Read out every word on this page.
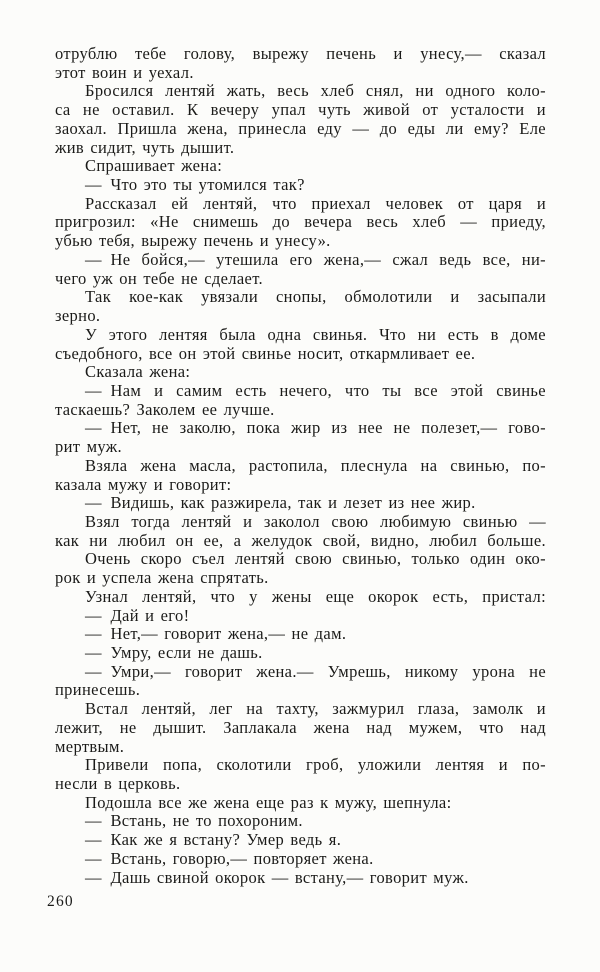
отрублю тебе голову, вырежу печень и унесу,— сказал
этот воин и уехал.
Бросился лентяй жать, весь хлеб снял, ни одного коло-
са не оставил. К вечеру упал чуть живой от усталости и
заохал. Пришла жена, принесла еду — до еды ли ему? Еле
жив сидит, чуть дышит.
Спрашивает жена:
— Что это ты утомился так?
Рассказал ей лентяй, что приехал человек от царя и
пригрозил: «Не снимешь до вечера весь хлеб — приеду,
убью тебя, вырежу печень и унесу».
— Не бойся,— утешила его жена,— сжал ведь все, ни-
чего уж он тебе не сделает.
Так кое-как увязали снопы, обмолотили и засыпали
зерно.
У этого лентяя была одна свинья. Что ни есть в доме
съедобного, все он этой свинье носит, откармливает ее.
Сказала жена:
— Нам и самим есть нечего, что ты все этой свинье
таскаешь? Заколем ее лучше.
— Нет, не заколю, пока жир из нее не полезет,— гово-
рит муж.
Взяла жена масла, растопила, плеснула на свинью, по-
казала мужу и говорит:
— Видишь, как разжирела, так и лезет из нее жир.
Взял тогда лентяй и заколол свою любимую свинью —
как ни любил он ее, а желудок свой, видно, любил больше.
Очень скоро съел лентяй свою свинью, только один око-
рок и успела жена спрятать.
Узнал лентяй, что у жены еще окорок есть, пристал:
— Дай и его!
— Нет,— говорит жена,— не дам.
— Умру, если не дашь.
— Умри,— говорит жена.— Умрешь, никому урона не
принесешь.
Встал лентяй, лег на тахту, зажмурил глаза, замолк и
лежит, не дышит. Заплакала жена над мужем, что над
мертвым.
Привели попа, сколотили гроб, уложили лентяя и по-
несли в церковь.
Подошла все же жена еще раз к мужу, шепнула:
— Встань, не то похороним.
— Как же я встану? Умер ведь я.
— Встань, говорю,— повторяет жена.
— Дашь свиной окорок — встану,— говорит муж.
260
